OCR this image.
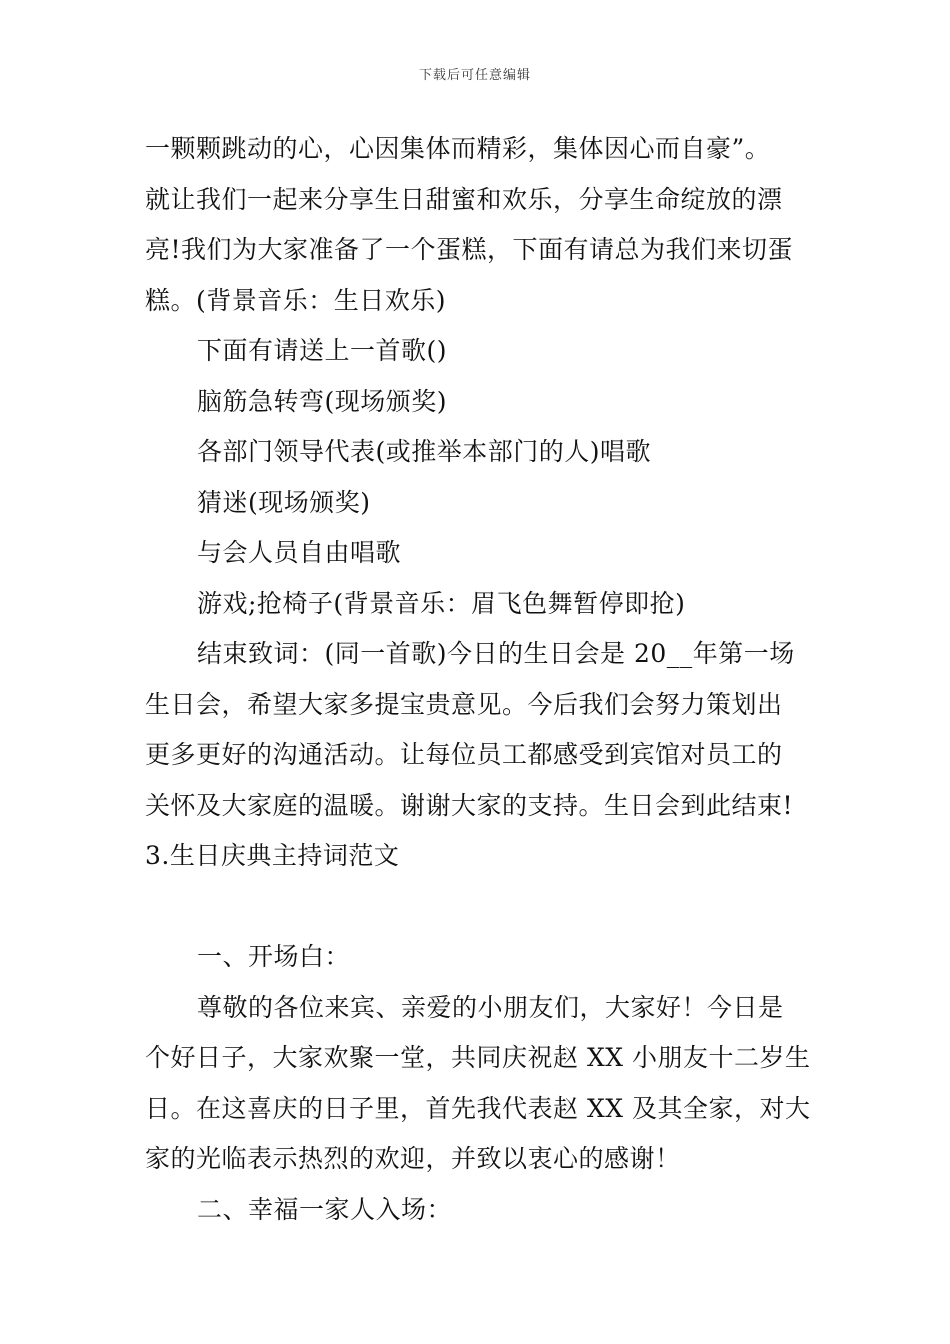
下载后可任意编辑
一颗颗跳动的心，心因集体而精彩，集体因心而自豪”。
就让我们一起来分享生日甜蜜和欢乐，分享生命绽放的漂
亮!我们为大家准备了一个蛋糕，下面有请总为我们来切蛋
糕。(背景音乐：生日欢乐)
下面有请送上一首歌()
脑筋急转弯(现场颁奖)
各部门领导代表(或推举本部门的人)唱歌
猜迷(现场颁奖)
与会人员自由唱歌
游戏;抢椅子(背景音乐：眉飞色舞暂停即抢)
结束致词：(同一首歌)今日的生日会是 20__年第一场
生日会，希望大家多提宝贵意见。今后我们会努力策划出
更多更好的沟通活动。让每位员工都感受到宾馆对员工的
关怀及大家庭的温暖。谢谢大家的支持。生日会到此结束!
3.生日庆典主持词范文
一、开场白：
尊敬的各位来宾、亲爱的小朋友们，大家好！今日是
个好日子，大家欢聚一堂，共同庆祝赵 XX 小朋友十二岁生
日。在这喜庆的日子里，首先我代表赵 XX 及其全家，对大
家的光临表示热烈的欢迎，并致以衷心的感谢！
二、幸福一家人入场：
